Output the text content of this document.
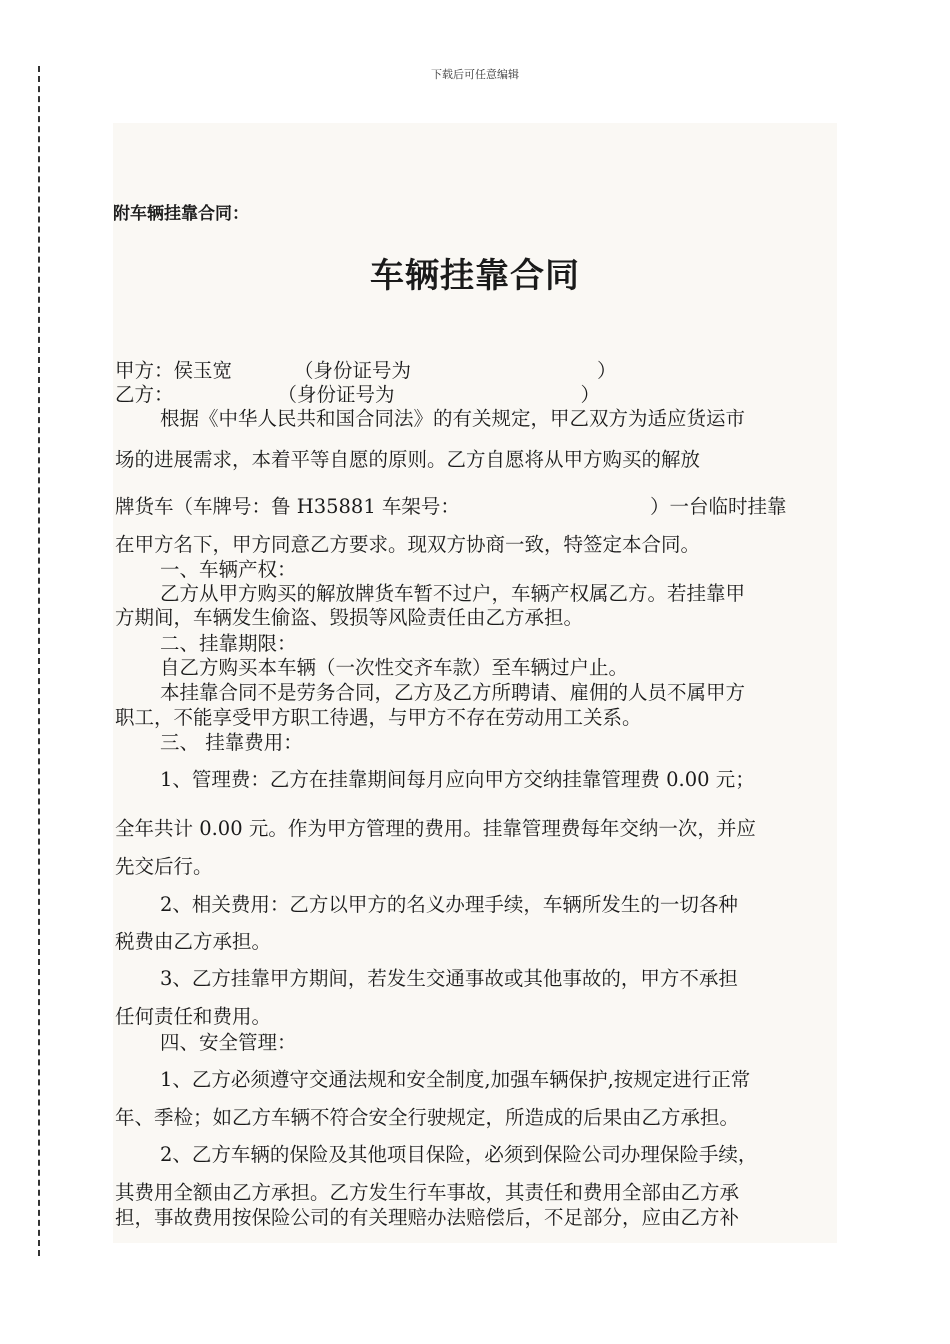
下载后可任意编辑
附车辆挂靠合同：
车辆挂靠合同
甲方：侯玉宽	（身份证号为	）
乙方：	（身份证号为	）
根据《中华人民共和国合同法》的有关规定，甲乙双方为适应货运市
场的进展需求，本着平等自愿的原则。乙方自愿将从甲方购买的解放
牌货车（车牌号：鲁 H35881 车架号：	）一台临时挂靠
在甲方名下，甲方同意乙方要求。现双方协商一致，特签定本合同。
一、车辆产权：
乙方从甲方购买的解放牌货车暂不过户，车辆产权属乙方。若挂靠甲
方期间，车辆发生偷盗、毁损等风险责任由乙方承担。
二、挂靠期限：
自乙方购买本车辆（一次性交齐车款）至车辆过户止。
本挂靠合同不是劳务合同，乙方及乙方所聘请、雇佣的人员不属甲方
职工，不能享受甲方职工待遇，与甲方不存在劳动用工关系。
三、 挂靠费用：
1、管理费：乙方在挂靠期间每月应向甲方交纳挂靠管理费 0.00 元；
全年共计 0.00 元。作为甲方管理的费用。挂靠管理费每年交纳一次，并应
先交后行。
2、相关费用：乙方以甲方的名义办理手续，车辆所发生的一切各种
税费由乙方承担。
3、乙方挂靠甲方期间，若发生交通事故或其他事故的，甲方不承担
任何责任和费用。
四、安全管理：
1、乙方必须遵守交通法规和安全制度,加强车辆保护,按规定进行正常
年、季检；如乙方车辆不符合安全行驶规定，所造成的后果由乙方承担。
2、乙方车辆的保险及其他项目保险，必须到保险公司办理保险手续，
其费用全额由乙方承担。乙方发生行车事故，其责任和费用全部由乙方承
担，事故费用按保险公司的有关理赔办法赔偿后，不足部分，应由乙方补
